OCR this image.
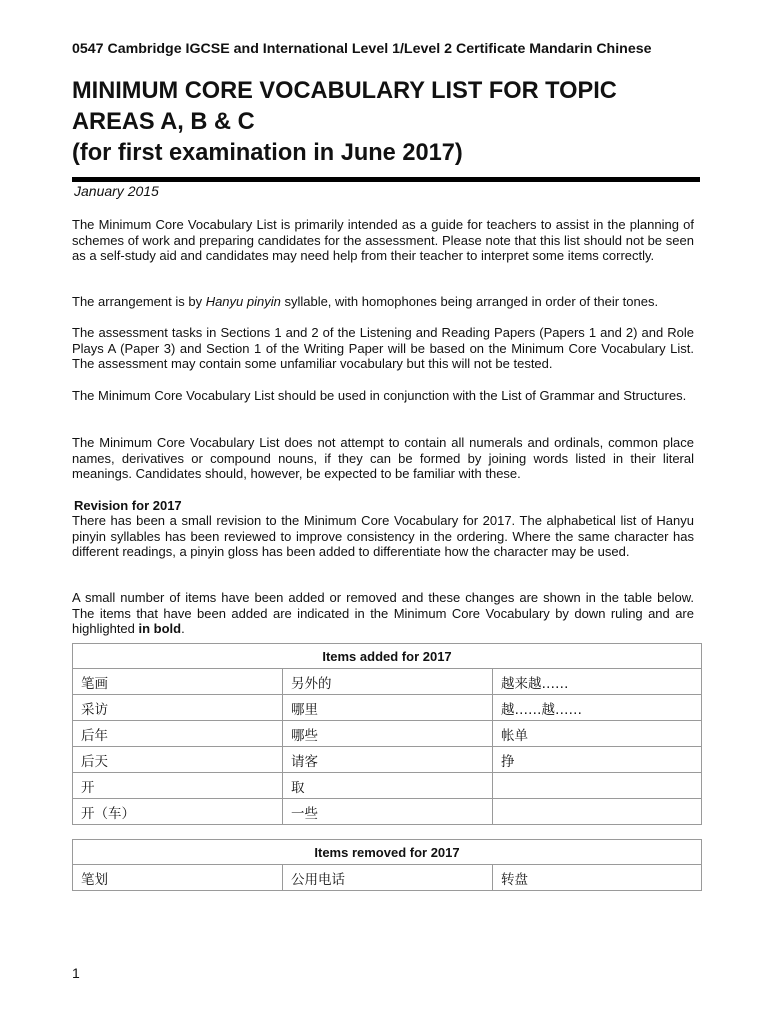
0547 Cambridge IGCSE and International Level 1/Level 2 Certificate Mandarin Chinese
MINIMUM CORE VOCABULARY LIST FOR TOPIC
AREAS A, B & C
(for first examination in June 2017)
January 2015
The Minimum Core Vocabulary List is primarily intended as a guide for teachers to assist in the planning of schemes of work and preparing candidates for the assessment. Please note that this list should not be seen as a self-study aid and candidates may need help from their teacher to interpret some items correctly.
The arrangement is by Hanyu pinyin syllable, with homophones being arranged in order of their tones.
The assessment tasks in Sections 1 and 2 of the Listening and Reading Papers (Papers 1 and 2) and Role Plays A (Paper 3) and Section 1 of the Writing Paper will be based on the Minimum Core Vocabulary List. The assessment may contain some unfamiliar vocabulary but this will not be tested.
The Minimum Core Vocabulary List should be used in conjunction with the List of Grammar and Structures.
The Minimum Core Vocabulary List does not attempt to contain all numerals and ordinals, common place names, derivatives or compound nouns, if they can be formed by joining words listed in their literal meanings. Candidates should, however, be expected to be familiar with these.
Revision for 2017
There has been a small revision to the Minimum Core Vocabulary for 2017. The alphabetical list of Hanyu pinyin syllables has been reviewed to improve consistency in the ordering. Where the same character has different readings, a pinyin gloss has been added to differentiate how the character may be used.
A small number of items have been added or removed and these changes are shown in the table below. The items that have been added are indicated in the Minimum Core Vocabulary by down ruling and are highlighted in bold.
Items added for 2017		

笔画	另外的	越来越……

采访	哪里	越……越……

后年	哪些	帐单

后天	请客	挣

开	取	

开（车）	一些	

Items removed for 2017

笔划	公用电话	转盘
1
